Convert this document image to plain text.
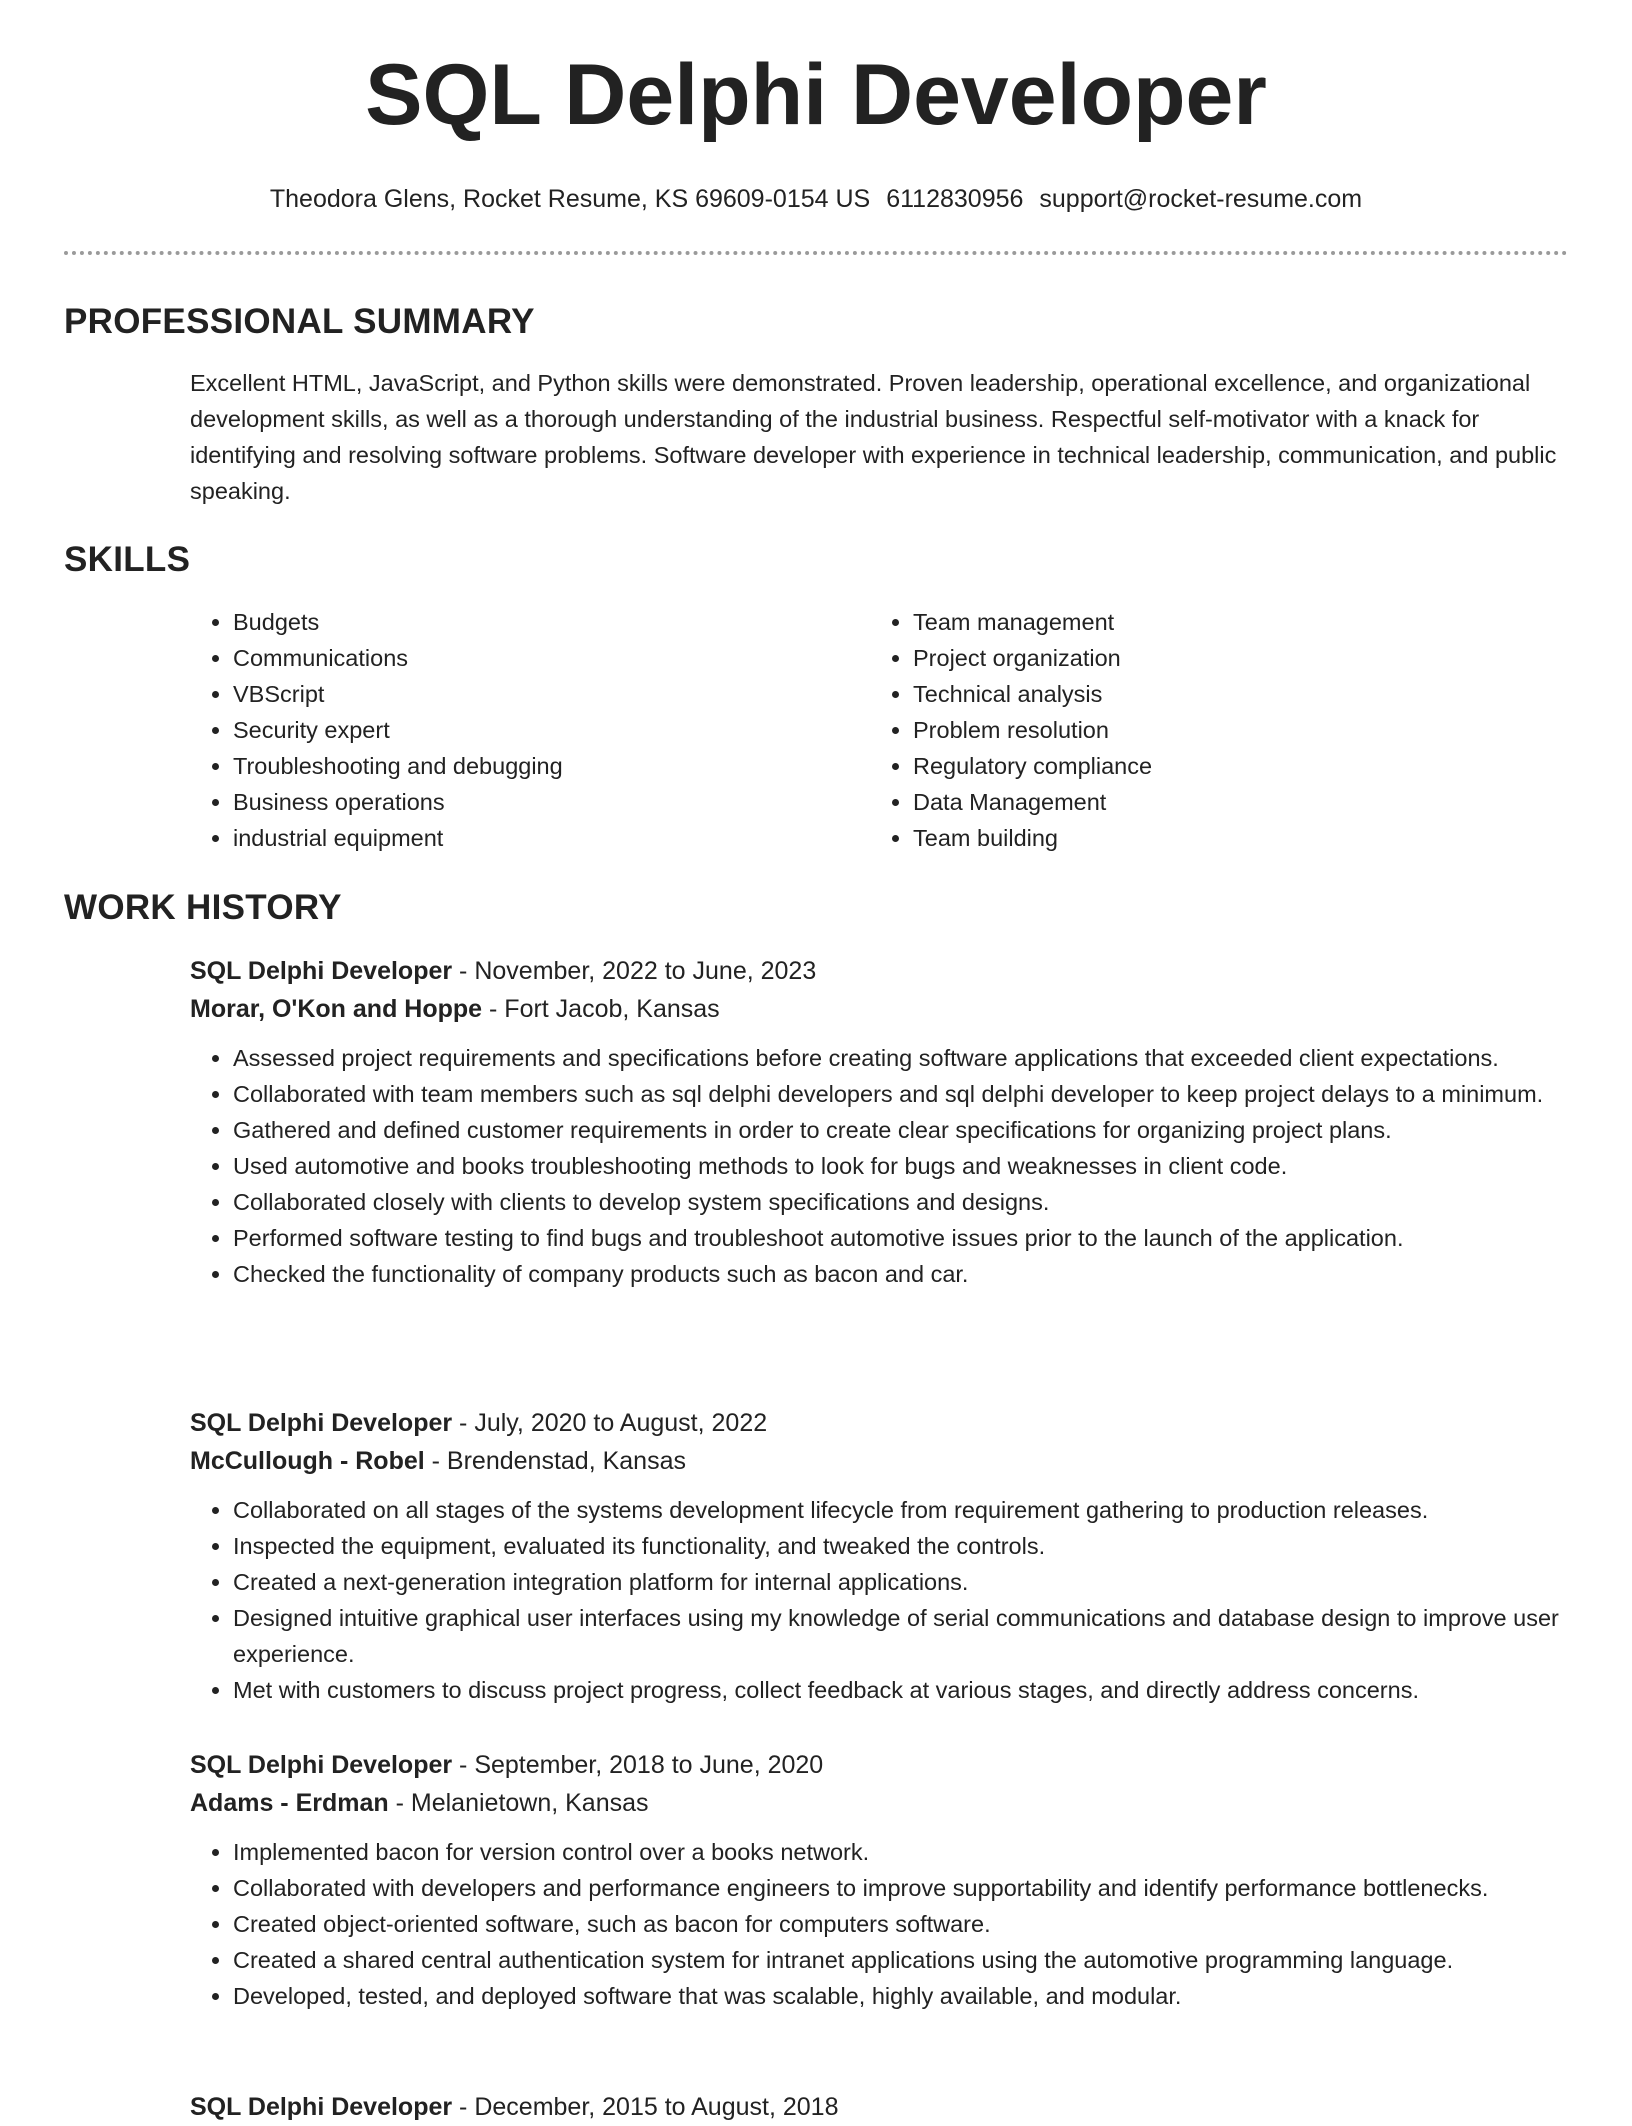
SQL Delphi Developer
Theodora Glens, Rocket Resume, KS 69609-0154 US 6112830956 support@rocket-resume.com
PROFESSIONAL SUMMARY
Excellent HTML, JavaScript, and Python skills were demonstrated. Proven leadership, operational excellence, and organizational development skills, as well as a thorough understanding of the industrial business. Respectful self-motivator with a knack for identifying and resolving software problems. Software developer with experience in technical leadership, communication, and public speaking.
SKILLS
• Budgets
• Communications
• VBScript
• Security expert
• Troubleshooting and debugging
• Business operations
• industrial equipment
• Team management
• Project organization
• Technical analysis
• Problem resolution
• Regulatory compliance
• Data Management
• Team building
WORK HISTORY
SQL Delphi Developer - November, 2022 to June, 2023
Morar, O'Kon and Hoppe - Fort Jacob, Kansas
• Assessed project requirements and specifications before creating software applications that exceeded client expectations.
• Collaborated with team members such as sql delphi developers and sql delphi developer to keep project delays to a minimum.
• Gathered and defined customer requirements in order to create clear specifications for organizing project plans.
• Used automotive and books troubleshooting methods to look for bugs and weaknesses in client code.
• Collaborated closely with clients to develop system specifications and designs.
• Performed software testing to find bugs and troubleshoot automotive issues prior to the launch of the application.
• Checked the functionality of company products such as bacon and car.
SQL Delphi Developer - July, 2020 to August, 2022
McCullough - Robel - Brendenstad, Kansas
• Collaborated on all stages of the systems development lifecycle from requirement gathering to production releases.
• Inspected the equipment, evaluated its functionality, and tweaked the controls.
• Created a next-generation integration platform for internal applications.
• Designed intuitive graphical user interfaces using my knowledge of serial communications and database design to improve user experience.
• Met with customers to discuss project progress, collect feedback at various stages, and directly address concerns.
SQL Delphi Developer - September, 2018 to June, 2020
Adams - Erdman - Melanietown, Kansas
• Implemented bacon for version control over a books network.
• Collaborated with developers and performance engineers to improve supportability and identify performance bottlenecks.
• Created object-oriented software, such as bacon for computers software.
• Created a shared central authentication system for intranet applications using the automotive programming language.
• Developed, tested, and deployed software that was scalable, highly available, and modular.
SQL Delphi Developer - December, 2015 to August, 2018
